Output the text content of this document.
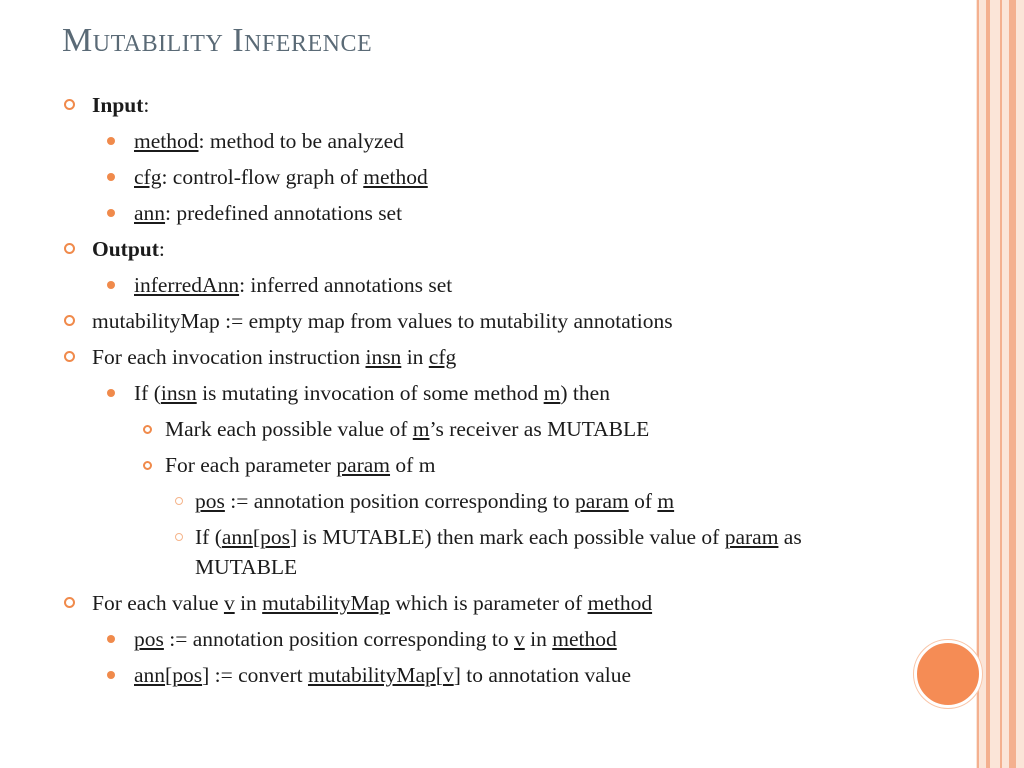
Mutability Inference
Input:
method: method to be analyzed
cfg: control-flow graph of method
ann: predefined annotations set
Output:
inferredAnn: inferred annotations set
mutabilityMap := empty map from values to mutability annotations
For each invocation instruction insn in cfg
If (insn is mutating invocation of some method m) then
Mark each possible value of m’s receiver as MUTABLE
For each parameter param of m
pos := annotation position corresponding to param of m
If (ann[pos] is MUTABLE) then mark each possible value of param as MUTABLE
For each value v in mutabilityMap which is parameter of method
pos := annotation position corresponding to v in method
ann[pos] := convert mutabilityMap[v] to annotation value
